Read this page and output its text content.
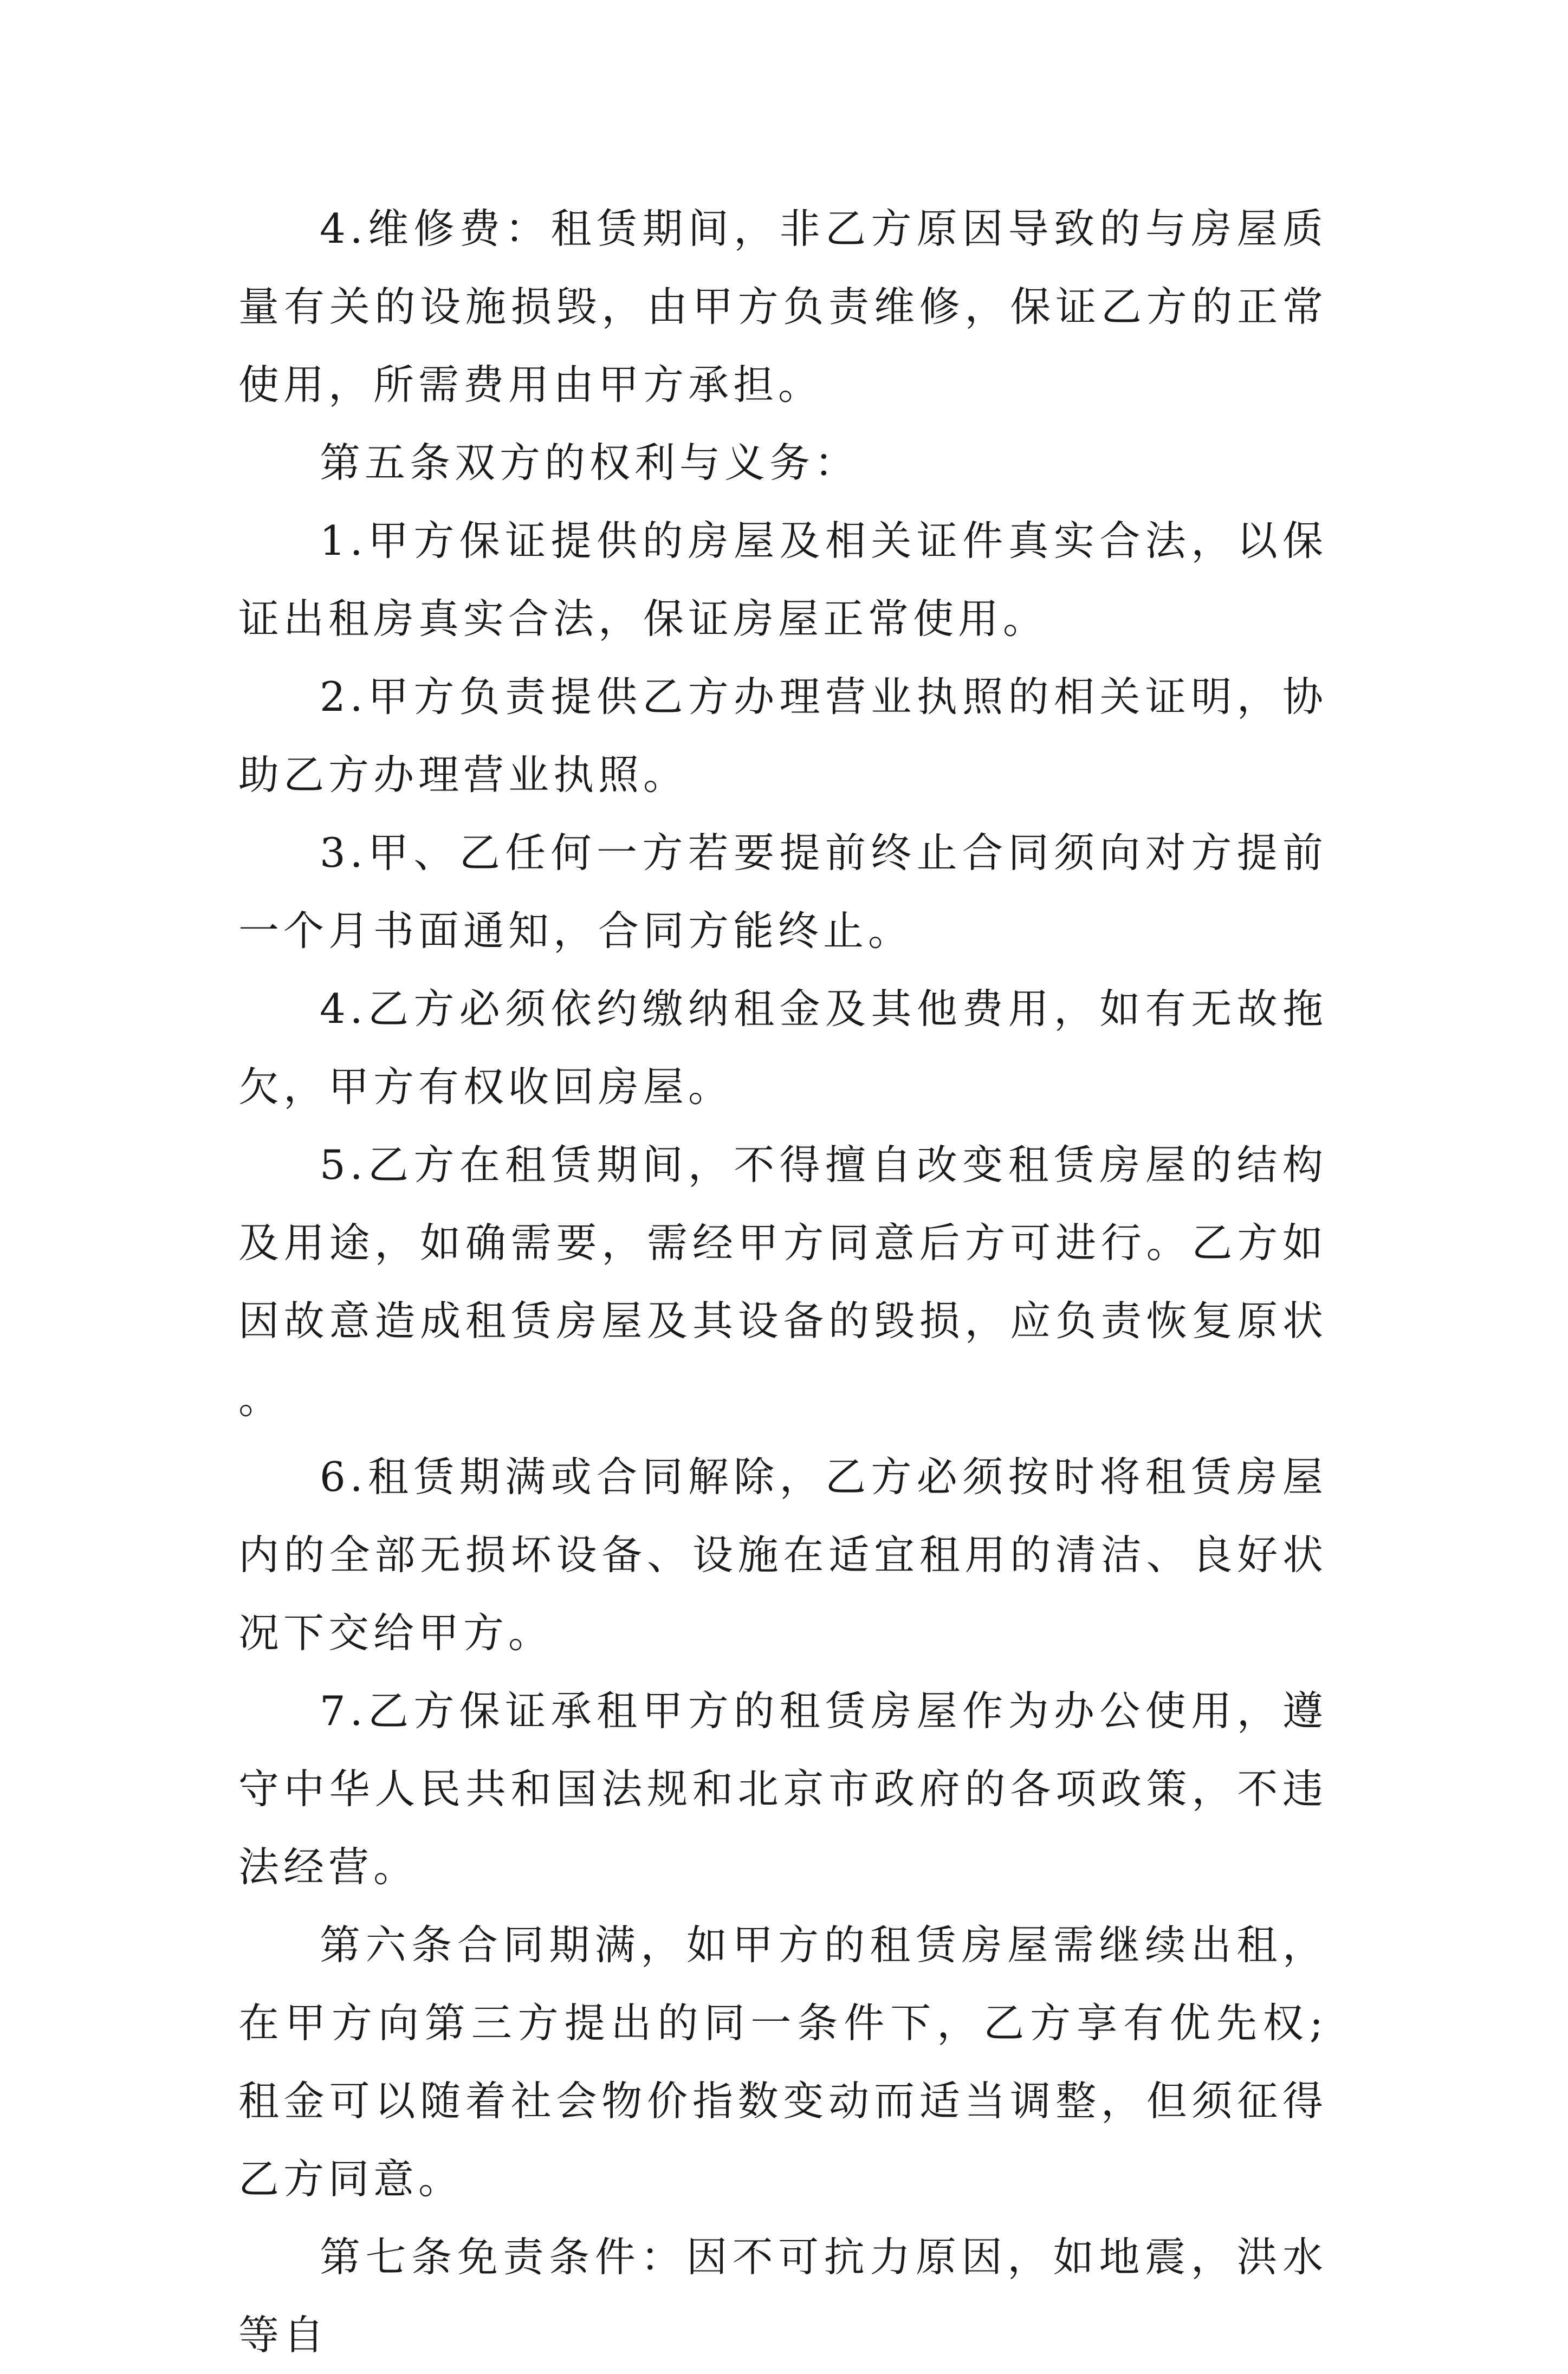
4.维修费：租赁期间，非乙方原因导致的与房屋质量有关的设施损毁，由甲方负责维修，保证乙方的正常使用，所需费用由甲方承担。

第五条双方的权利与义务：

1.甲方保证提供的房屋及相关证件真实合法，以保证出租房真实合法，保证房屋正常使用。

2.甲方负责提供乙方办理营业执照的相关证明，协助乙方办理营业执照。

3.甲、乙任何一方若要提前终止合同须向对方提前一个月书面通知，合同方能终止。

4.乙方必须依约缴纳租金及其他费用，如有无故拖欠，甲方有权收回房屋。

5.乙方在租赁期间，不得擅自改变租赁房屋的结构及用途，如确需要，需经甲方同意后方可进行。乙方如因故意造成租赁房屋及其设备的毁损，应负责恢复原状。

6.租赁期满或合同解除，乙方必须按时将租赁房屋内的全部无损坏设备、设施在适宜租用的清洁、良好状况下交给甲方。

7.乙方保证承租甲方的租赁房屋作为办公使用，遵守中华人民共和国法规和北京市政府的各项政策，不违法经营。

第六条合同期满，如甲方的租赁房屋需继续出租，在甲方向第三方提出的同一条件下，乙方享有优先权;租金可以随着社会物价指数变动而适当调整，但须征得乙方同意。

第七条免责条件：因不可抗力原因，如地震，洪水等自
